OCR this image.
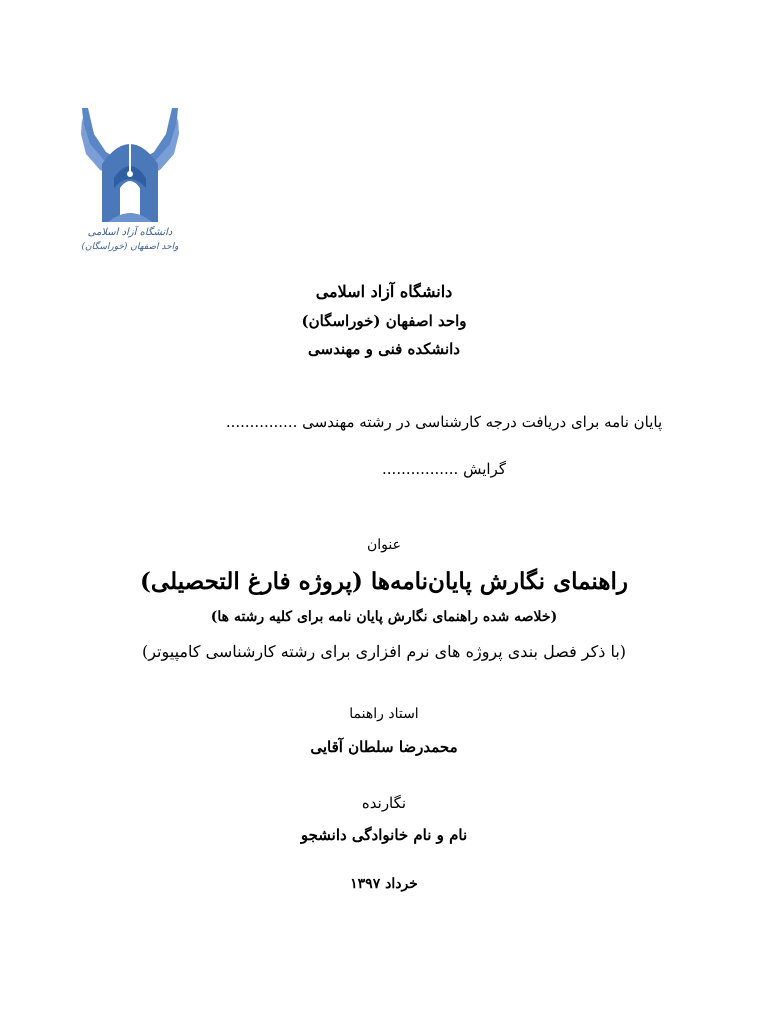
دانشگاه آزاد اسلامی
واحد اصفهان (خوراسگان)
دانشگاه آزاد اسلامی
واحد اصفهان (خوراسگان)
دانشکده فنی و مهندسی
پایان نامه برای دریافت درجه کارشناسی در رشته مهندسی ...............
گرایش ................
عنوان
راهنمای نگارش پایان‌نامه‌ها (پروژه فارغ التحصیلی)
(خلاصه شده راهنمای نگارش پایان نامه برای کلیه رشته ها)
(با ذکر فصل بندی پروژه های نرم افزاری برای رشته کارشناسی کامپیوتر)
استاد راهنما
محمدرضا سلطان آقایی
نگارنده
نام و نام خانوادگی دانشجو
خرداد ۱۳۹۷
